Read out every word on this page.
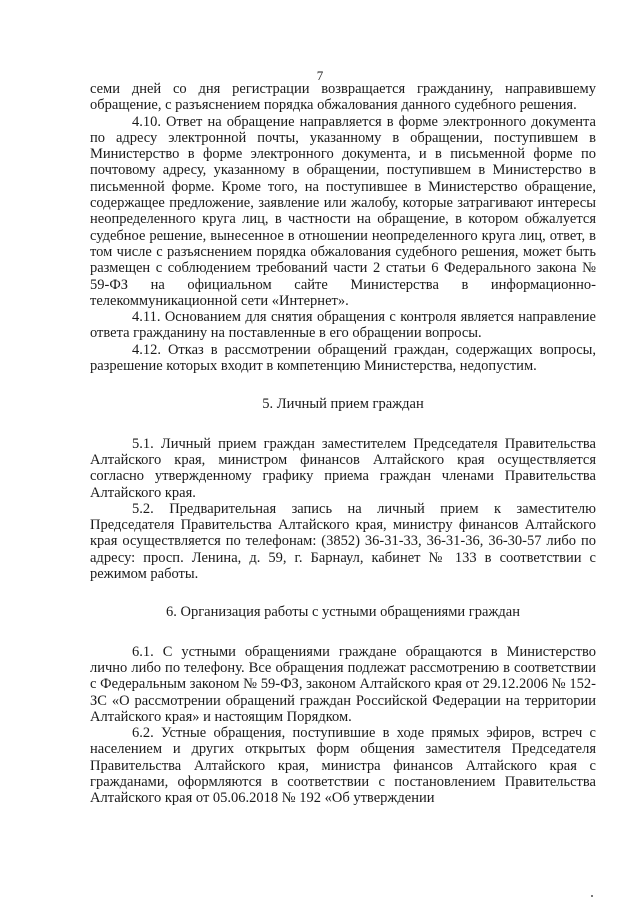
7

семи дней со дня регистрации возвращается гражданину, направившему обращение, с разъяснением порядка обжалования данного судебного решения.

4.10. Ответ на обращение направляется в форме электронного документа по адресу электронной почты, указанному в обращении, поступившем в Министерство в форме электронного документа, и в письменной форме по почтовому адресу, указанному в обращении, поступившем в Министерство в письменной форме. Кроме того, на поступившее в Министерство обращение, содержащее предложение, заявление или жалобу, которые затрагивают интересы неопределенного круга лиц, в частности на обращение, в котором обжалуется судебное решение, вынесенное в отношении неопределенного круга лиц, ответ, в том числе с разъяснением порядка обжалования судебного решения, может быть размещен с соблюдением требований части 2 статьи 6 Федерального закона № 59-ФЗ на официальном сайте Министерства в информационно-телекоммуникационной сети «Интернет».

4.11. Основанием для снятия обращения с контроля является направление ответа гражданину на поставленные в его обращении вопросы.

4.12. Отказ в рассмотрении обращений граждан, содержащих вопросы, разрешение которых входит в компетенцию Министерства, недопустим.

5. Личный прием граждан

5.1. Личный прием граждан заместителем Председателя Правительства Алтайского края, министром финансов Алтайского края осуществляется согласно утвержденному графику приема граждан членами Правительства Алтайского края.

5.2. Предварительная запись на личный прием к заместителю Председателя Правительства Алтайского края, министру финансов Алтайского края осуществляется по телефонам: (3852) 36-31-33, 36-31-36, 36-30-57 либо по адресу: просп. Ленина, д. 59, г. Барнаул, кабинет № 133 в соответствии с режимом работы.

6. Организация работы с устными обращениями граждан

6.1. С устными обращениями граждане обращаются в Министерство лично либо по телефону. Все обращения подлежат рассмотрению в соответствии с Федеральным законом № 59-ФЗ, законом Алтайского края от 29.12.2006 № 152-ЗС «О рассмотрении обращений граждан Российской Федерации на территории Алтайского края» и настоящим Порядком.

6.2. Устные обращения, поступившие в ходе прямых эфиров, встреч с населением и других открытых форм общения заместителя Председателя Правительства Алтайского края, министра финансов Алтайского края с гражданами, оформляются в соответствии с постановлением Правительства Алтайского края от 05.06.2018 № 192 «Об утверждении
